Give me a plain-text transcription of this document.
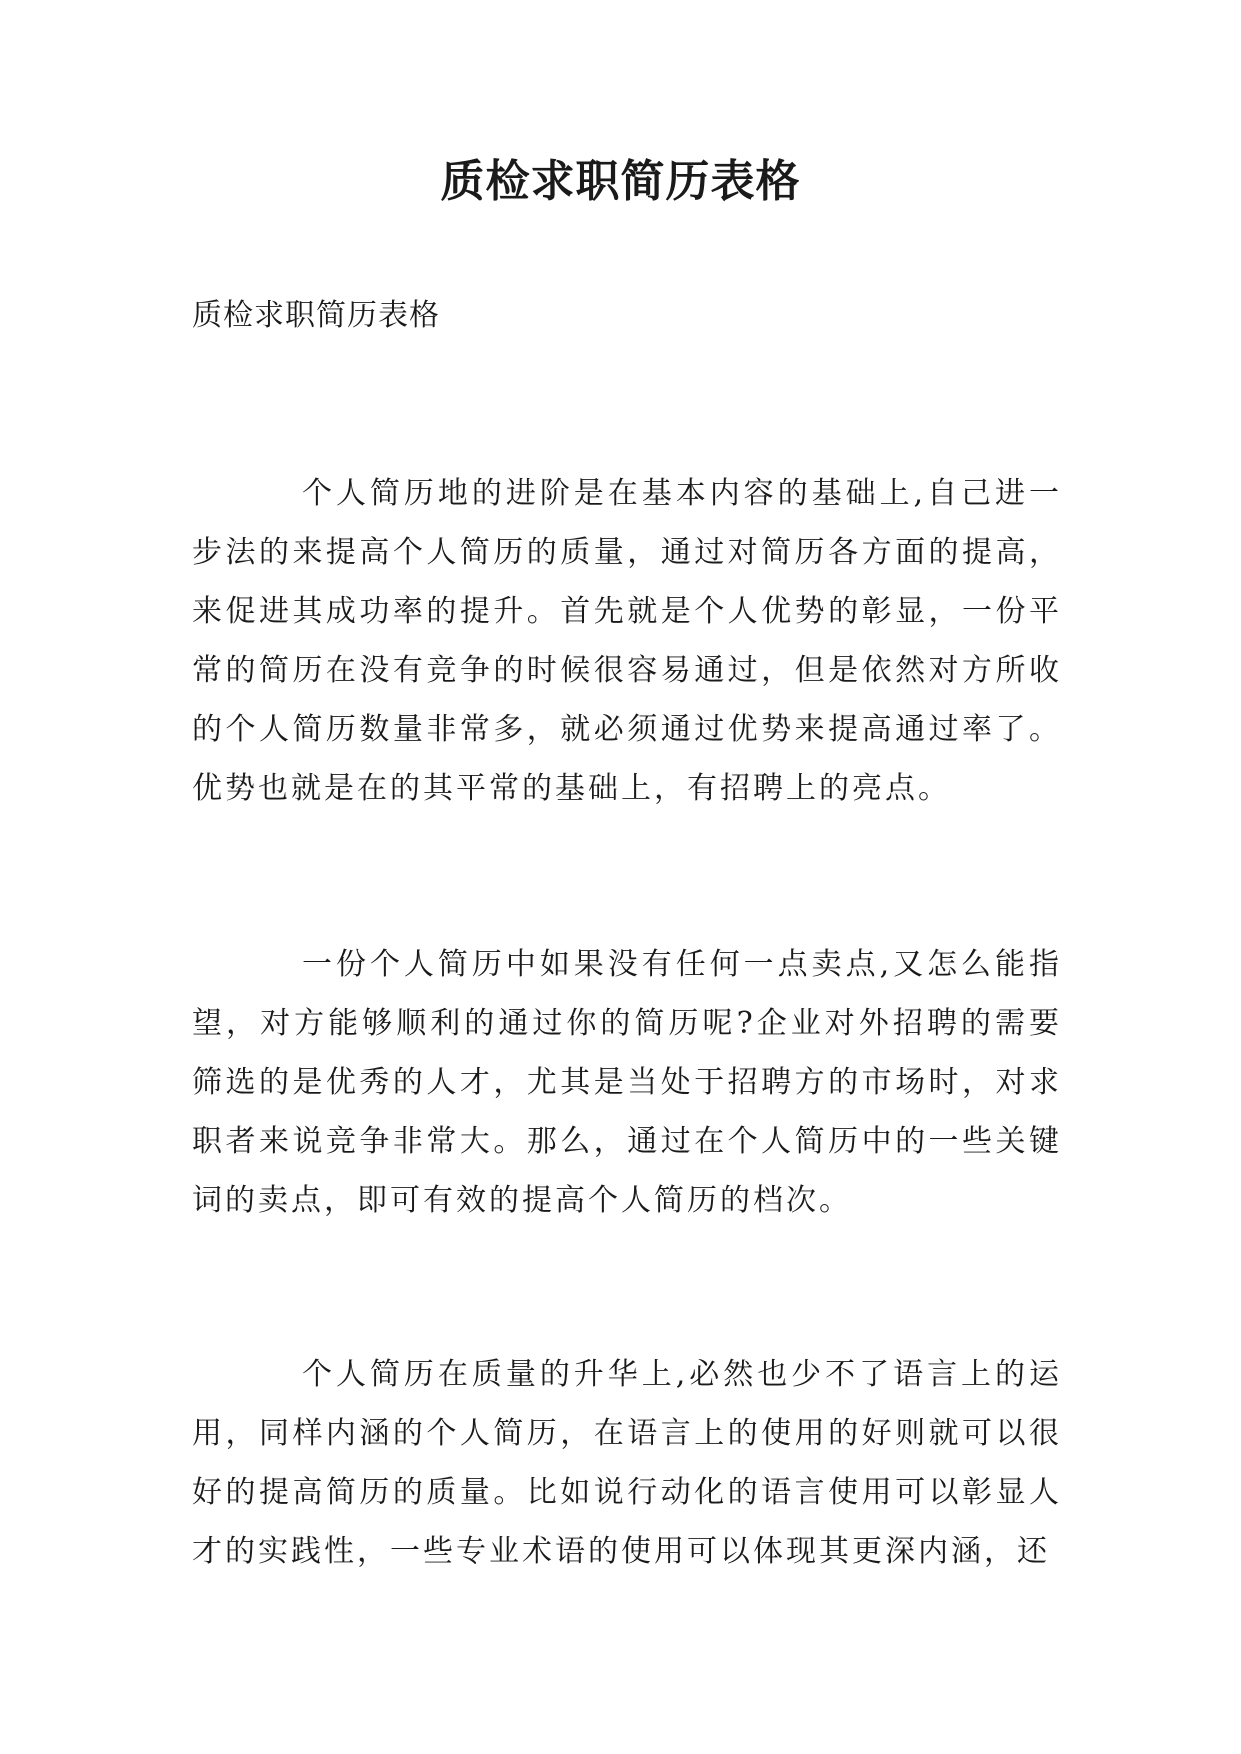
质检求职简历表格

质检求职简历表格

个人简历地的进阶是在基本内容的基础上,自己进一步法的来提高个人简历的质量，通过对简历各方面的提高，来促进其成功率的提升。首先就是个人优势的彰显，一份平常的简历在没有竞争的时候很容易通过，但是依然对方所收的个人简历数量非常多，就必须通过优势来提高通过率了。优势也就是在的其平常的基础上，有招聘上的亮点。

一份个人简历中如果没有任何一点卖点,又怎么能指望，对方能够顺利的通过你的简历呢?企业对外招聘的需要筛选的是优秀的人才，尤其是当处于招聘方的市场时，对求职者来说竞争非常大。那么，通过在个人简历中的一些关键词的卖点，即可有效的提高个人简历的档次。

个人简历在质量的升华上,必然也少不了语言上的运用，同样内涵的个人简历，在语言上的使用的好则就可以很好的提高简历的质量。比如说行动化的语言使用可以彰显人才的实践性，一些专业术语的使用可以体现其更深内涵，还
